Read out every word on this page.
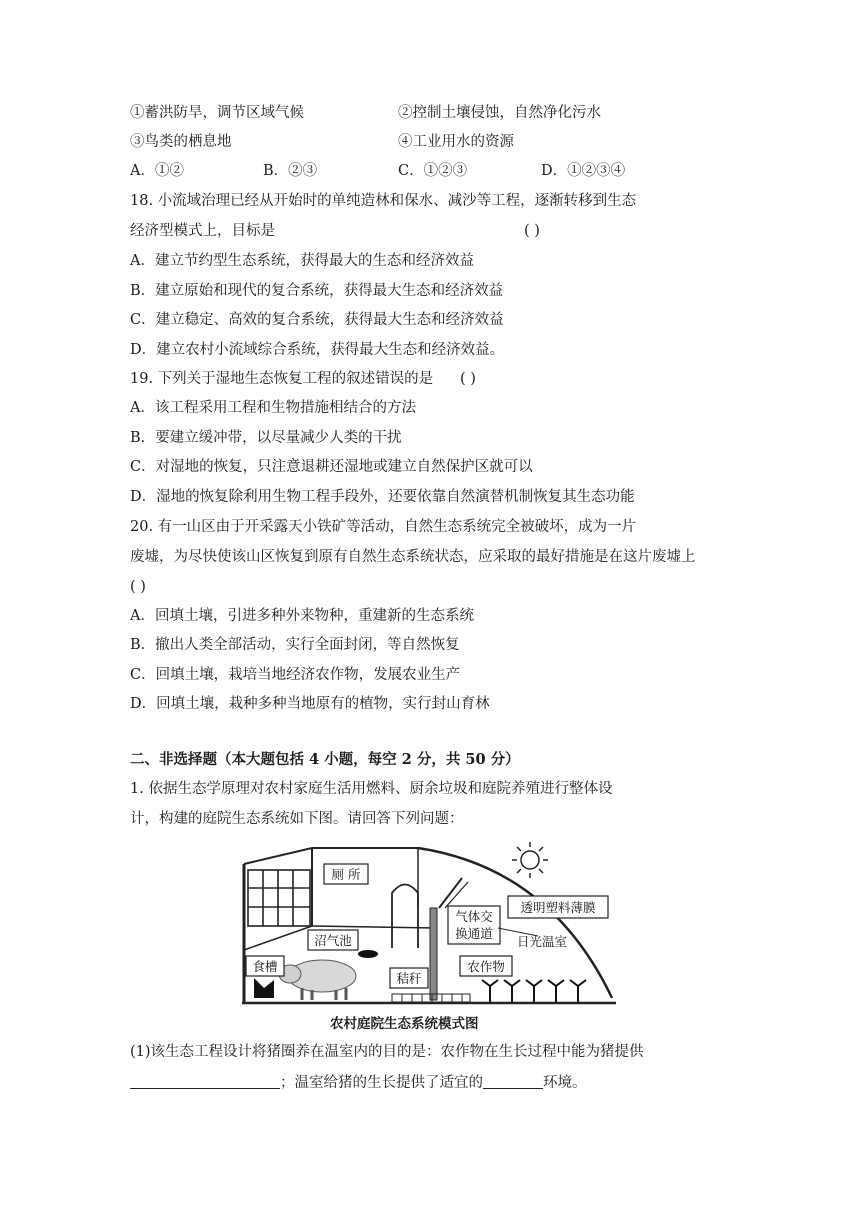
①蓄洪防旱，调节区域气候	②控制土壤侵蚀，自然净化污水
③鸟类的栖息地	④工业用水的资源
A．①②	B．②③	C．①②③	D．①②③④
18. 小流域治理已经从开始时的单纯造林和保水、减沙等工程，逐渐转移到生态
经济型模式上，目标是	( )
A．建立节约型生态系统，获得最大的生态和经济效益
B．建立原始和现代的复合系统，获得最大生态和经济效益
C．建立稳定、高效的复合系统，获得最大生态和经济效益
D．建立农村小流域综合系统，获得最大生态和经济效益。
19. 下列关于湿地生态恢复工程的叙述错误的是 ( )
A．该工程采用工程和生物措施相结合的方法
B．要建立缓冲带，以尽量减少人类的干扰
C．对湿地的恢复，只注意退耕还湿地或建立自然保护区就可以
D．湿地的恢复除利用生物工程手段外，还要依靠自然演替机制恢复其生态功能
20. 有一山区由于开采露天小铁矿等活动，自然生态系统完全被破坏，成为一片
废墟，为尽快使该山区恢复到原有自然生态系统状态，应采取的最好措施是在这片废墟上
( )
A．回填土壤，引进多种外来物种，重建新的生态系统
B．撤出人类全部活动，实行全面封闭，等自然恢复
C．回填土壤，栽培当地经济农作物，发展农业生产
D．回填土壤，栽种多种当地原有的植物，实行封山育林
二、非选择题（本大题包括 4 小题，每空 2 分，共 50 分）
1. 依据生态学原理对农村家庭生活用燃料、厨余垃圾和庭院养殖进行整体设
计，构建的庭院生态系统如下图。请回答下列问题：
厕 所
沼气池
食槽
秸秆
气体交
换通道
透明塑料薄膜
日光温室
农作物
农村庭院生态系统模式图
(1)该生态工程设计将猪圈养在温室内的目的是：农作物在生长过程中能为猪提供
；温室给猪的生长提供了适宜的	环境。
